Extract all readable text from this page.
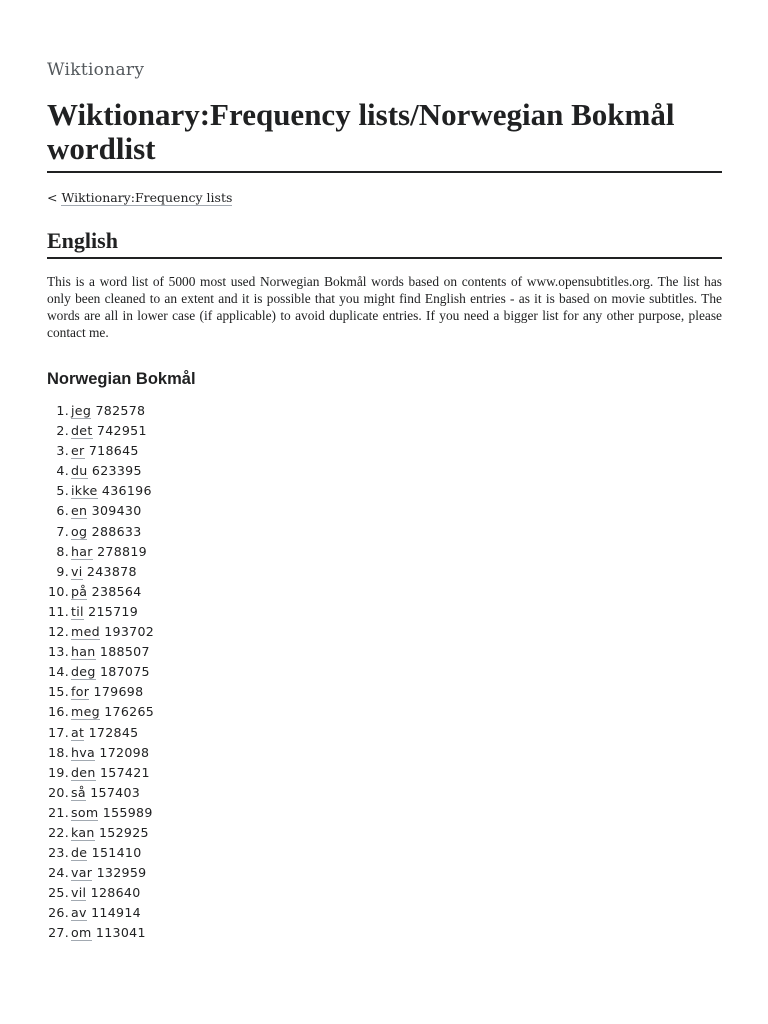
Wiktionary
Wiktionary:Frequency lists/Norwegian Bokmål wordlist
< Wiktionary:Frequency lists
English

This is a word list of 5000 most used Norwegian Bokmål words based on contents of www.opensubtitles.org. The list has only been cleaned to an extent and it is possible that you might find English entries - as it is based on movie subtitles. The words are all in lower case (if applicable) to avoid duplicate entries. If you need a bigger list for any other purpose, please contact me.

Norwegian Bokmål
1. jeg 782578
2. det 742951
3. er 718645
4. du 623395
5. ikke 436196
6. en 309430
7. og 288633
8. har 278819
9. vi 243878
10. på 238564
11. til 215719
12. med 193702
13. han 188507
14. deg 187075
15. for 179698
16. meg 176265
17. at 172845
18. hva 172098
19. den 157421
20. så 157403
21. som 155989
22. kan 152925
23. de 151410
24. var 132959
25. vil 128640
26. av 114914
27. om 113041
